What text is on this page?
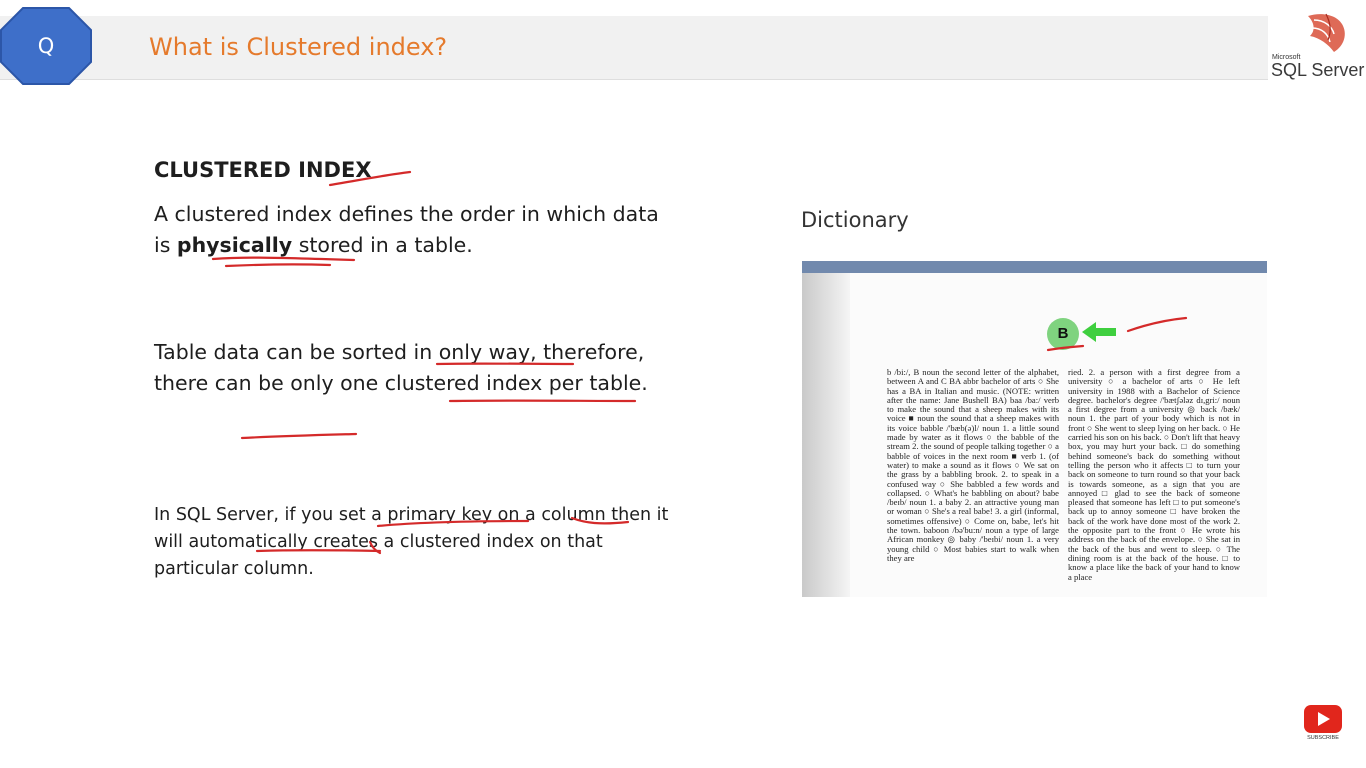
Q	What is Clustered index?	Microsoft
SQL Server
CLUSTERED INDEX
A clustered index defines the order in which data is physically stored in a table.
Table data can be sorted in only way, therefore, there can be only one clustered index per table.
In SQL Server, if you set a primary key on a column then it will automatically creates a clustered index on that particular column.
Dictionary
B
b /bi:/, B noun the second letter of the alphabet, between A and C BA abbr bachelor of arts ○ She has a BA in Italian and music. (NOTE: written after the name: Jane Bushell BA) baa /ba:/ verb to make the sound that a sheep makes with its voice ■ noun the sound that a sheep makes with its voice babble /'bæb(ə)l/ noun 1. a little sound made by water as it flows ○ the babble of the stream 2. the sound of people talking together ○ a babble of voices in the next room ■ verb 1. (of water) to make a sound as it flows ○ We sat on the grass by a babbling brook. 2. to speak in a confused way ○ She babbled a few words and collapsed. ○ What's he babbling on about? babe /beɪb/ noun 1. a baby 2. an attractive young man or woman ○ She's a real babe! 3. a girl (informal, sometimes offensive) ○ Come on, babe, let's hit the town. baboon /bə'bu:n/ noun a type of large African monkey ◎ baby /'beɪbi/ noun 1. a very young child ○ Most babies start to walk when they are
ried. 2. a person with a first degree from a university ○ a bachelor of arts ○ He left university in 1988 with a Bachelor of Science degree. bachelor's degree /'bætʃələz dɪ,gri:/ noun a first degree from a university ◎ back /bæk/ noun 1. the part of your body which is not in front ○ She went to sleep lying on her back. ○ He carried his son on his back. ○ Don't lift that heavy box, you may hurt your back. □ do something behind someone's back do something without telling the person who it affects □ to turn your back on someone to turn round so that your back is towards someone, as a sign that you are annoyed □ glad to see the back of someone pleased that someone has left □ to put someone's back up to annoy someone □ have broken the back of the work have done most of the work 2. the opposite part to the front ○ He wrote his address on the back of the envelope. ○ She sat in the back of the bus and went to sleep. ○ The dining room is at the back of the house. □ to know a place like the back of your hand to know a place
SUBSCRIBE
